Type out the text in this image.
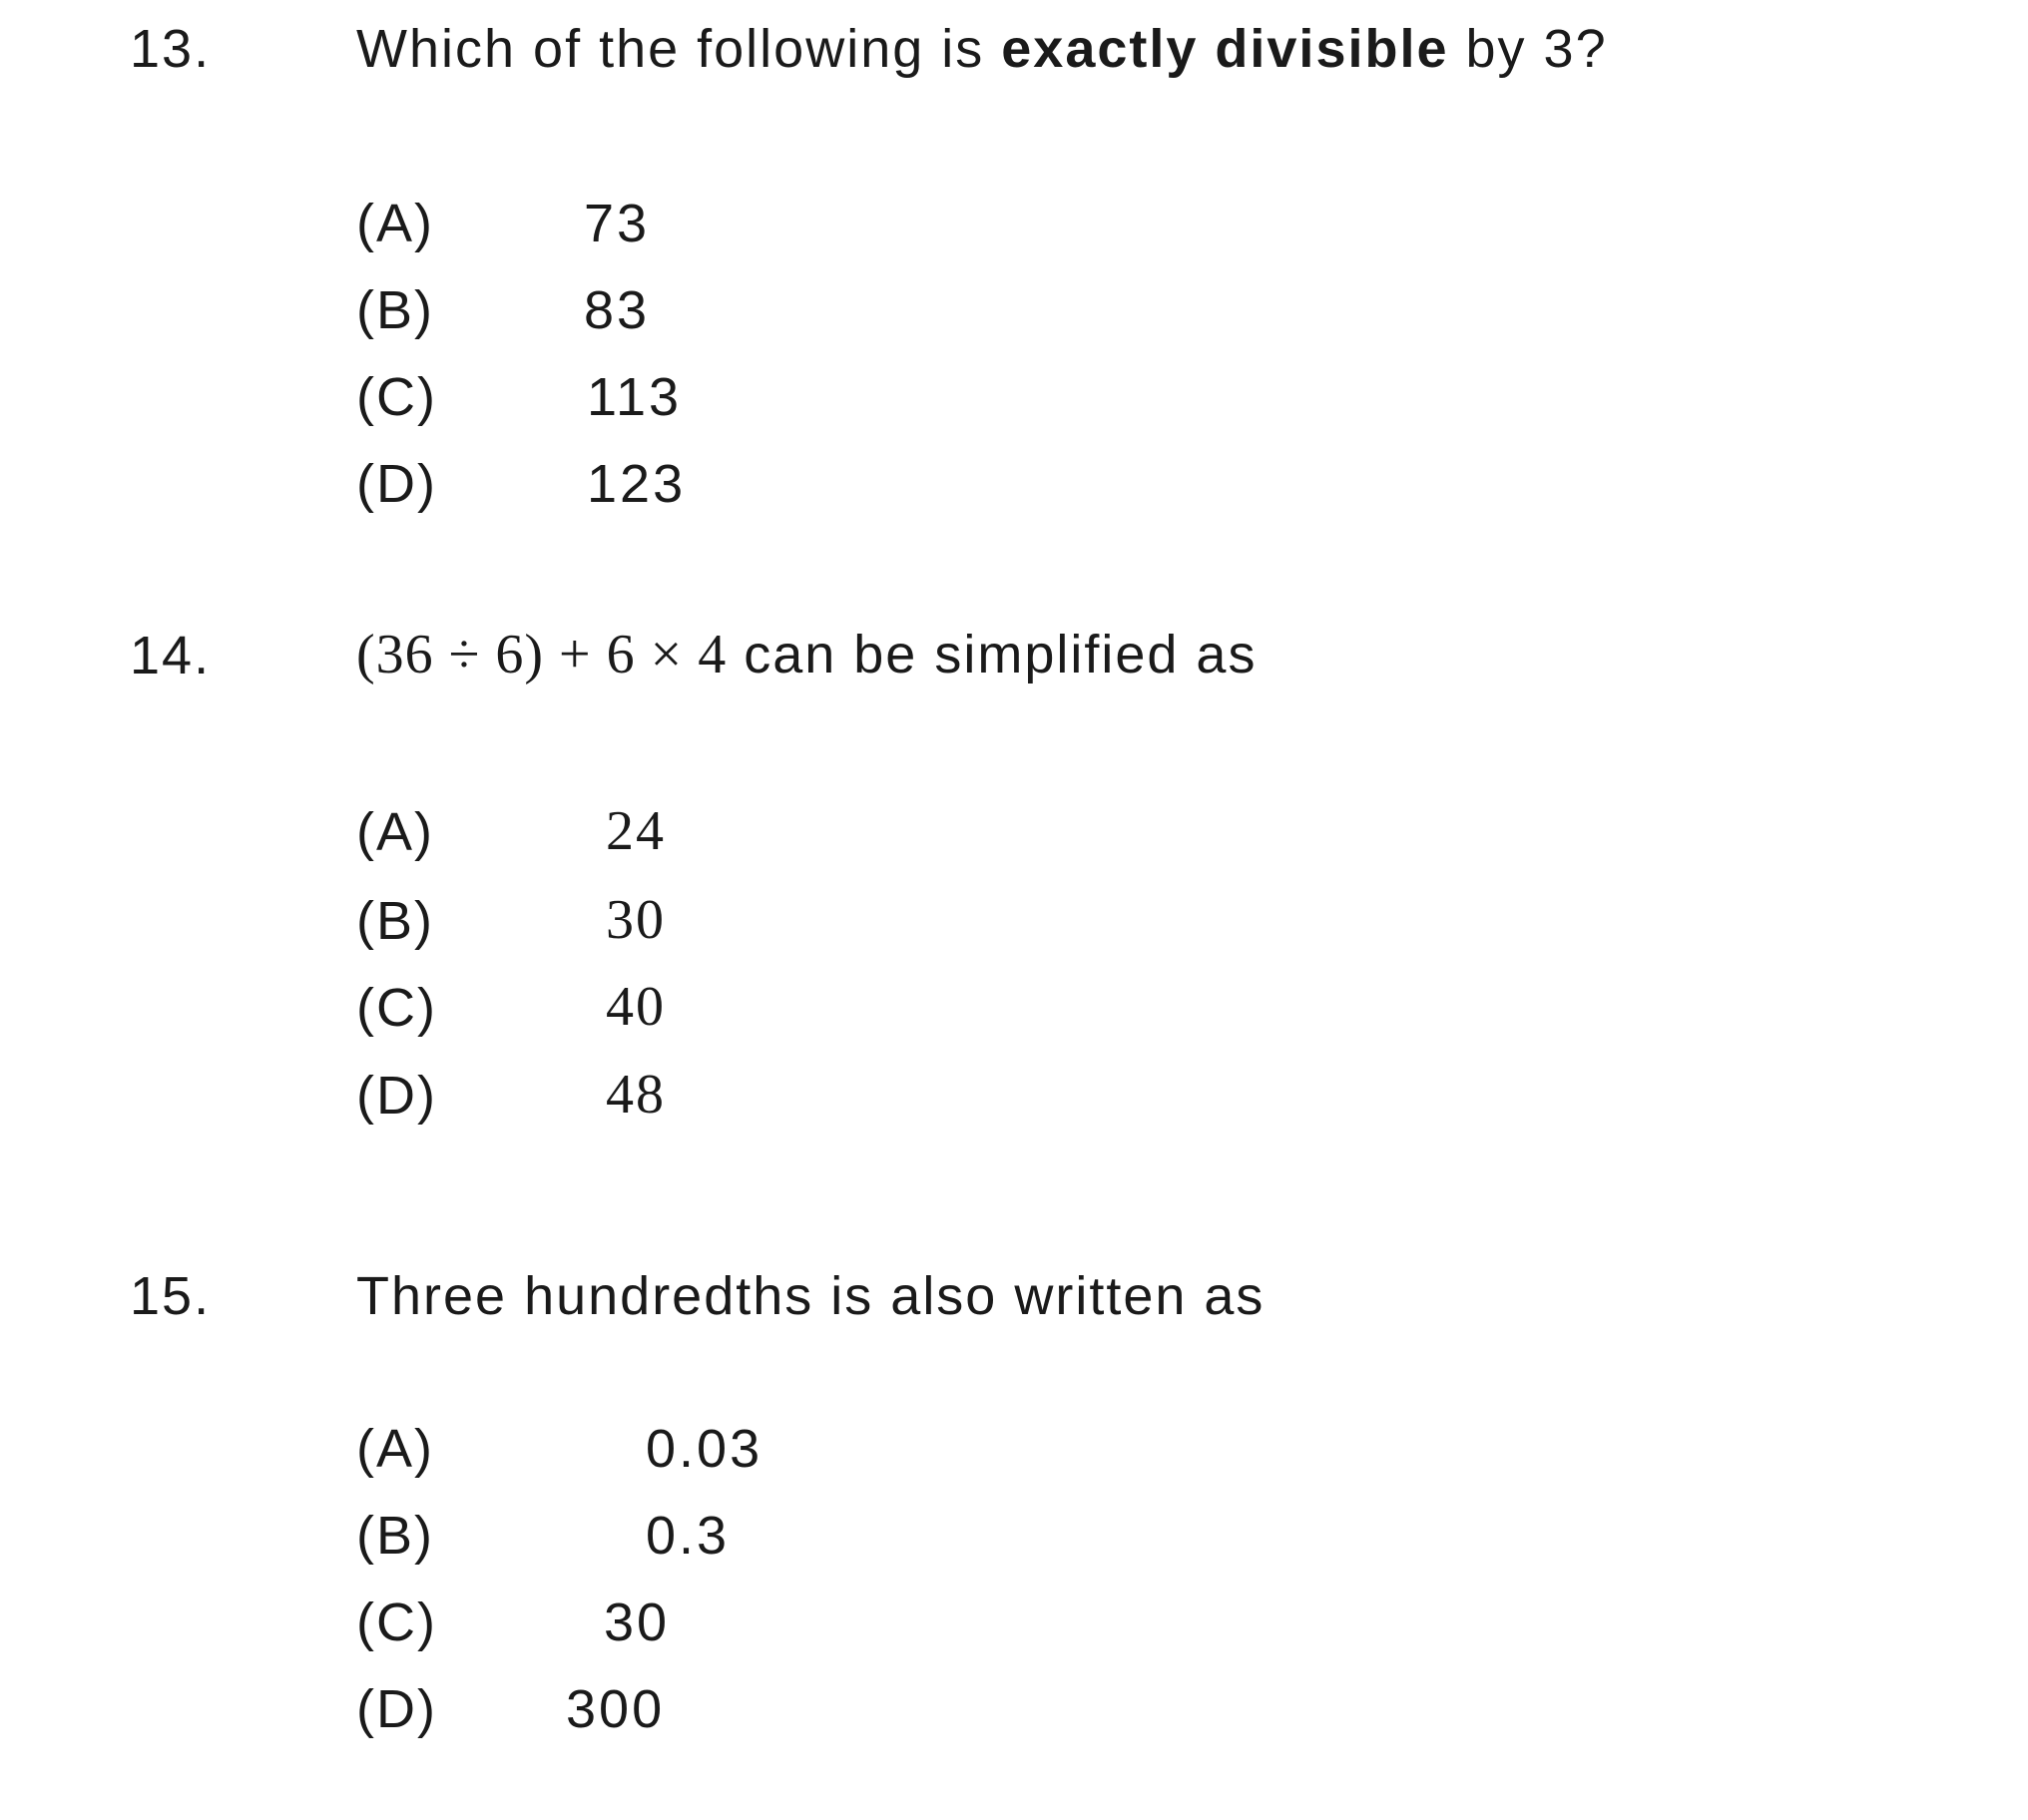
13.	Which of the following is exactly divisible by 3?
(A)	73
(B)	83
(C)	113
(D)	123
14.	(36 ÷ 6) + 6 × 4 can be simplified as
(A)	24
(B)	30
(C)	40
(D)	48
15.	Three hundredths is also written as
(A)	0.03
(B)	0.3
(C)	30
(D) 300
